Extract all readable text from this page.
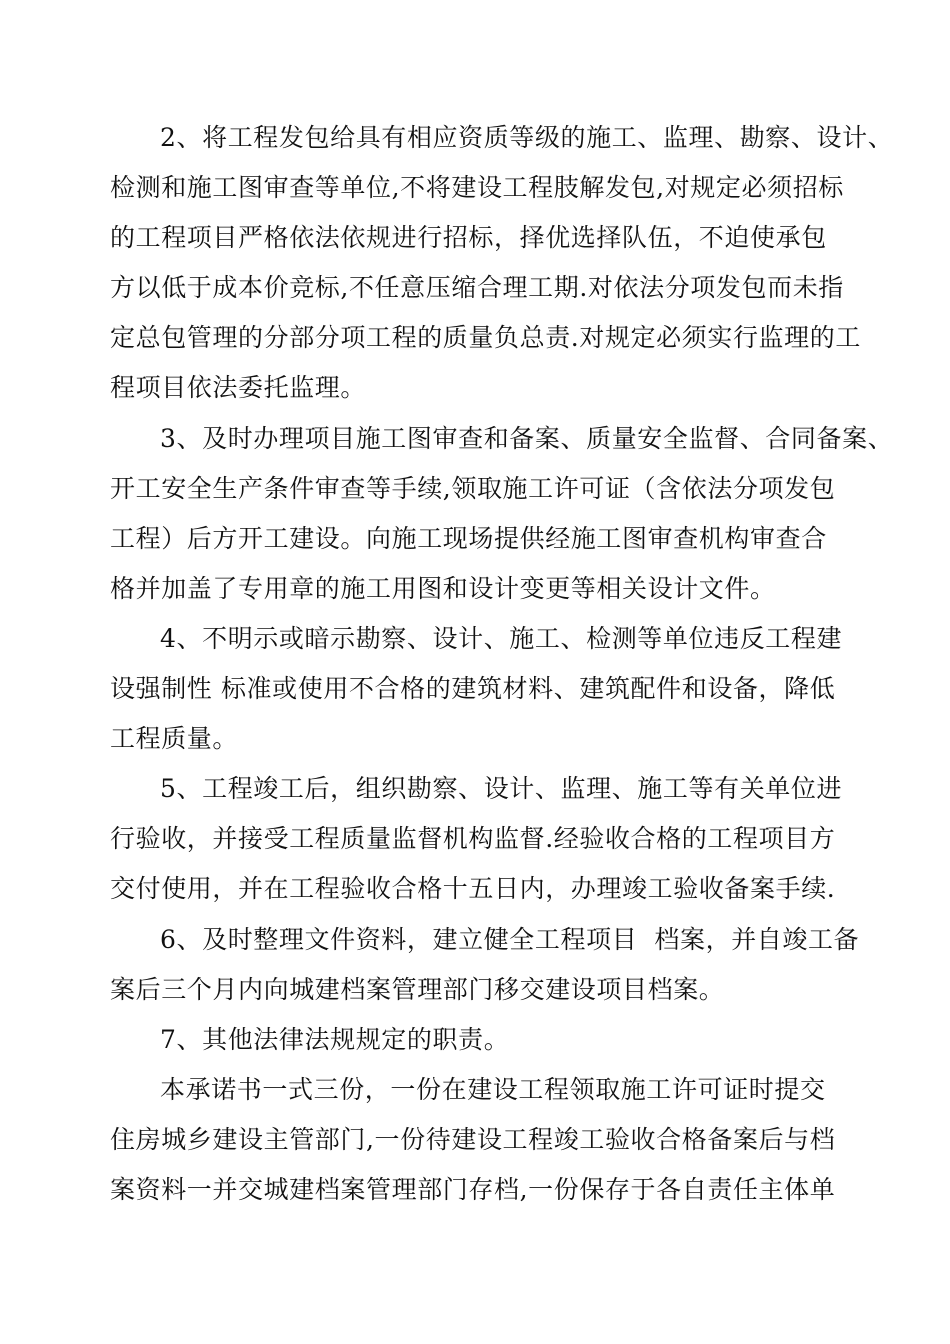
2、将工程发包给具有相应资质等级的施工、监理、勘察、设计、
检测和施工图审查等单位,不将建设工程肢解发包,对规定必须招标
的工程项目严格依法依规进行招标，择优选择队伍，不迫使承包
方以低于成本价竞标,不任意压缩合理工期.对依法分项发包而未指
定总包管理的分部分项工程的质量负总责.对规定必须实行监理的工
程项目依法委托监理。
3、及时办理项目施工图审查和备案、质量安全监督、合同备案、
开工安全生产条件审查等手续,领取施工许可证（含依法分项发包
工程）后方开工建设。向施工现场提供经施工图审查机构审查合
格并加盖了专用章的施工用图和设计变更等相关设计文件。
4、不明示或暗示勘察、设计、施工、检测等单位违反工程建
设强制性 标准或使用不合格的建筑材料、建筑配件和设备，降低
工程质量。
5、工程竣工后，组织勘察、设计、监理、施工等有关单位进
行验收，并接受工程质量监督机构监督.经验收合格的工程项目方
交付使用，并在工程验收合格十五日内，办理竣工验收备案手续.
6、及时整理文件资料，建立健全工程项目  档案，并自竣工备
案后三个月内向城建档案管理部门移交建设项目档案。
7、其他法律法规规定的职责。
本承诺书一式三份，一份在建设工程领取施工许可证时提交
住房城乡建设主管部门,一份待建设工程竣工验收合格备案后与档
案资料一并交城建档案管理部门存档,一份保存于各自责任主体单
